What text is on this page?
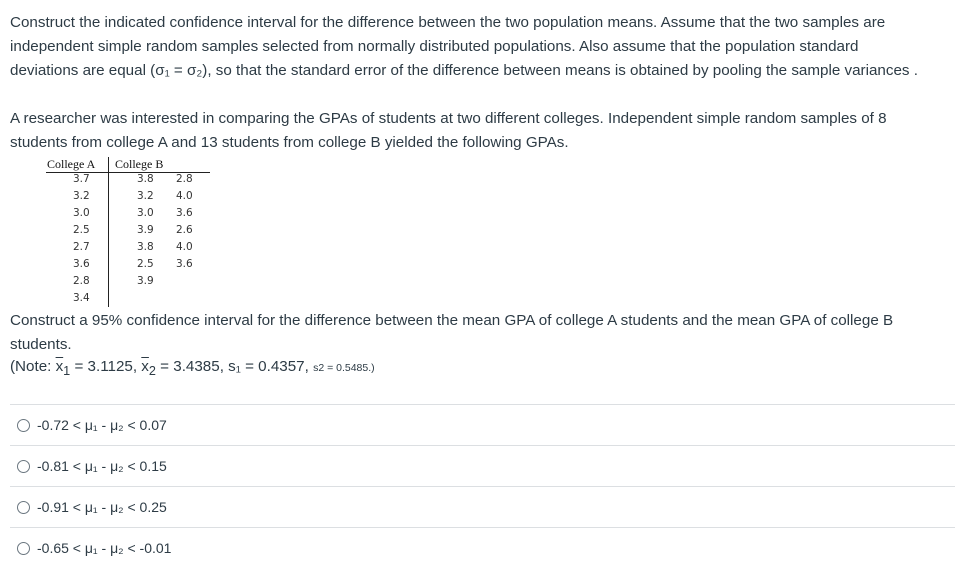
Construct the indicated confidence interval for the difference between the two population means. Assume that the two samples are
independent simple random samples selected from normally distributed populations. Also assume that the population standard
deviations are equal (σ₁ = σ₂), so that the standard error of the difference between means is obtained by pooling the sample variances .
A researcher was interested in comparing the GPAs of students at two different colleges. Independent simple random samples of 8
students from college A and 13 students from college B yielded the following GPAs.
College A College B
3.7
3.2
3.0
2.5
2.7
3.6
2.8
3.4
3.8
3.2
3.0
3.9
3.8
2.5
3.9
2.8
4.0
3.6
2.6
4.0
3.6
Construct a 95% confidence interval for the difference between the mean GPA of college A students and the mean GPA of college B
students.
(Note: $\overline{x}_1 = 3.1125$, $\overline{x}_2 = 3.4385$, s₁ = 0.4357, s2 = 0.5485.)
-0.72 < μ₁ - μ₂ < 0.07
-0.81 < μ₁ - μ₂ < 0.15
-0.91 < μ₁ - μ₂ < 0.25
-0.65 < μ₁ - μ₂ < -0.01
